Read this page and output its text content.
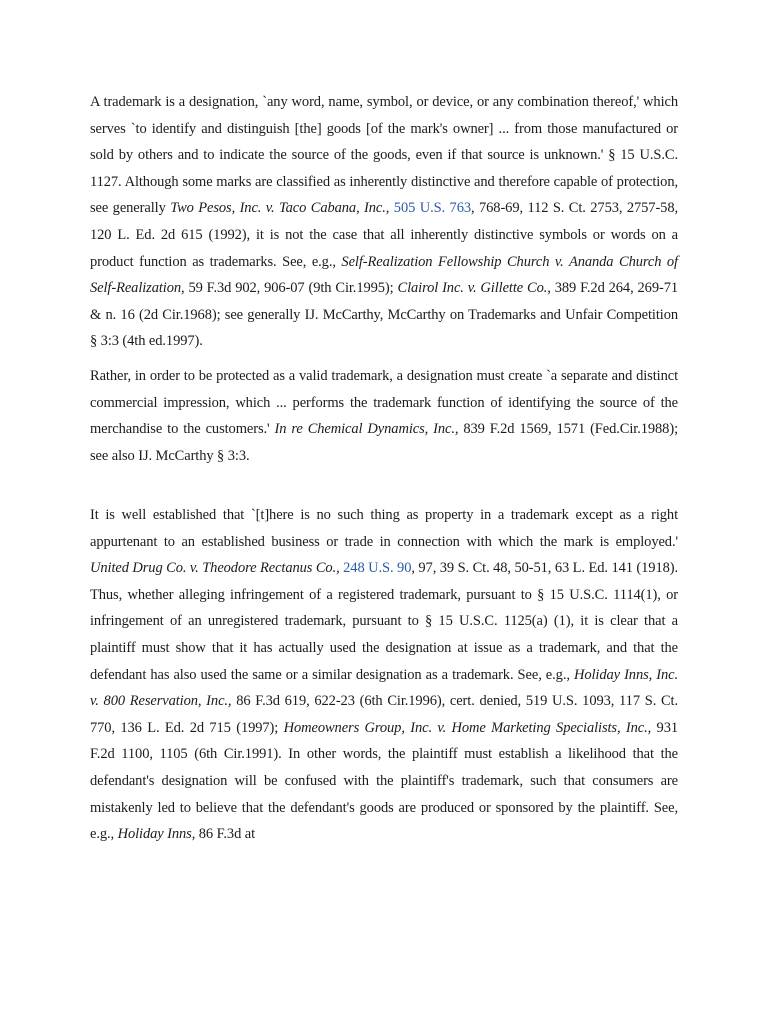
A trademark is a designation, `any word, name, symbol, or device, or any combination thereof,' which serves `to identify and distinguish [the] goods [of the mark's owner] ... from those manufactured or sold by others and to indicate the source of the goods, even if that source is unknown.' § 15 U.S.C. 1127. Although some marks are classified as inherently distinctive and therefore capable of protection, see generally Two Pesos, Inc. v. Taco Cabana, Inc., 505 U.S. 763, 768-69, 112 S. Ct. 2753, 2757-58, 120 L. Ed. 2d 615 (1992), it is not the case that all inherently distinctive symbols or words on a product function as trademarks. See, e.g., Self-Realization Fellowship Church v. Ananda Church of Self-Realization, 59 F.3d 902, 906-07 (9th Cir.1995); Clairol Inc. v. Gillette Co., 389 F.2d 264, 269-71 & n. 16 (2d Cir.1968); see generally IJ. McCarthy, McCarthy on Trademarks and Unfair Competition § 3:3 (4th ed.1997).

Rather, in order to be protected as a valid trademark, a designation must create `a separate and distinct commercial impression, which ... performs the trademark function of identifying the source of the merchandise to the customers.' In re Chemical Dynamics, Inc., 839 F.2d 1569, 1571 (Fed.Cir.1988); see also IJ. McCarthy § 3:3.

It is well established that `[t]here is no such thing as property in a trademark except as a right appurtenant to an established business or trade in connection with which the mark is employed.' United Drug Co. v. Theodore Rectanus Co., 248 U.S. 90, 97, 39 S. Ct. 48, 50-51, 63 L. Ed. 141 (1918). Thus, whether alleging infringement of a registered trademark, pursuant to § 15 U.S.C. 1114(1), or infringement of an unregistered trademark, pursuant to § 15 U.S.C. 1125(a) (1), it is clear that a plaintiff must show that it has actually used the designation at issue as a trademark, and that the defendant has also used the same or a similar designation as a trademark. See, e.g., Holiday Inns, Inc. v. 800 Reservation, Inc., 86 F.3d 619, 622-23 (6th Cir.1996), cert. denied, 519 U.S. 1093, 117 S. Ct. 770, 136 L. Ed. 2d 715 (1997); Homeowners Group, Inc. v. Home Marketing Specialists, Inc., 931 F.2d 1100, 1105 (6th Cir.1991). In other words, the plaintiff must establish a likelihood that the defendant's designation will be confused with the plaintiff's trademark, such that consumers are mistakenly led to believe that the defendant's goods are produced or sponsored by the plaintiff. See, e.g., Holiday Inns, 86 F.3d at
